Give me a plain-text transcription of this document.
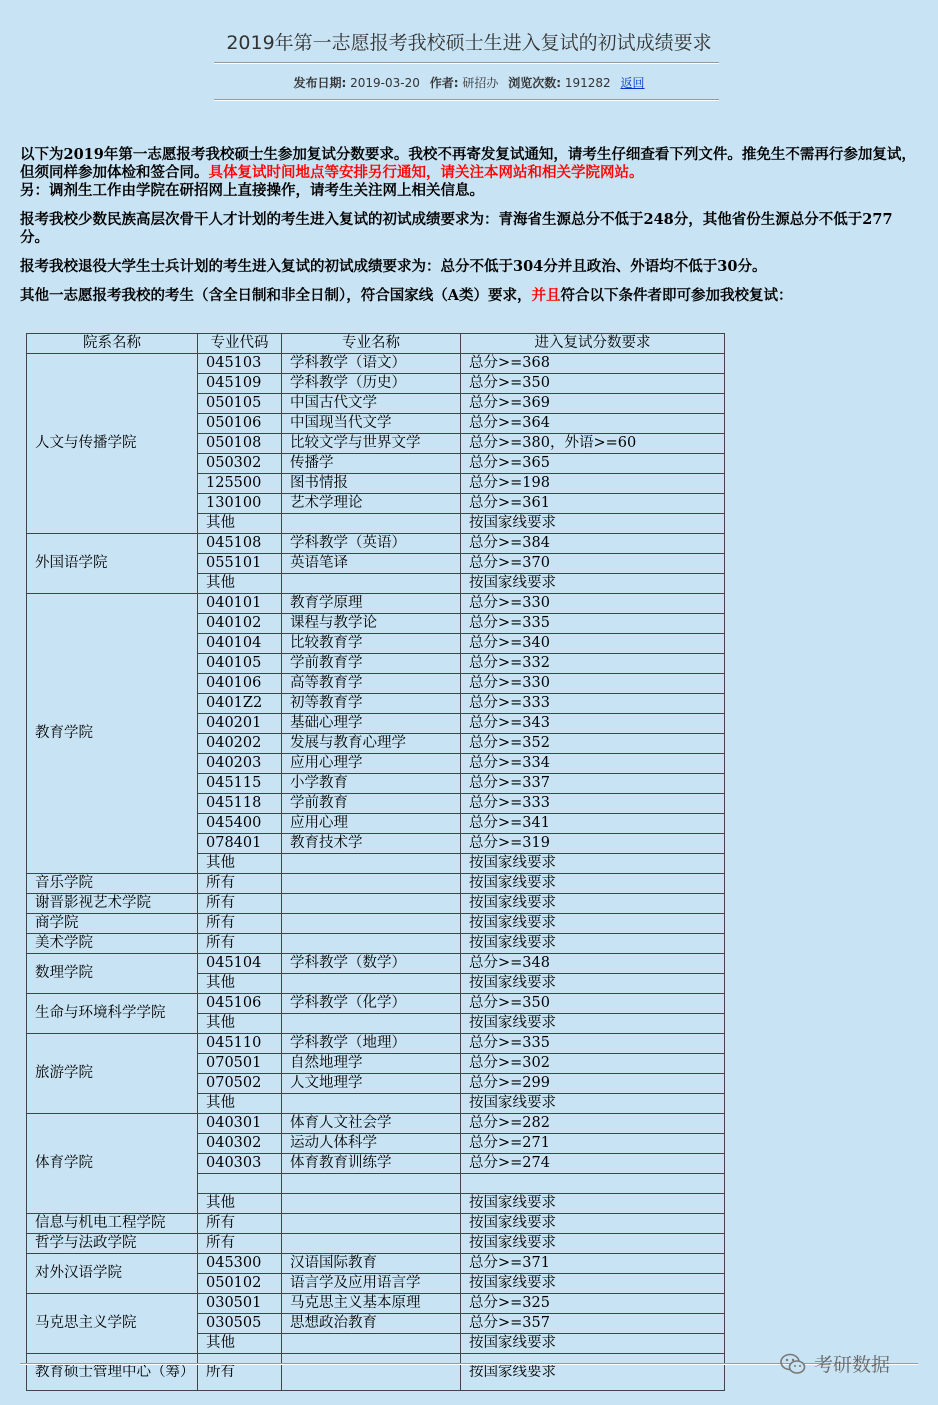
2019年第一志愿报考我校硕士生进入复试的初试成绩要求
发布日期: 2019-03-20 作者: 研招办 浏览次数: 191282 返回

以下为2019年第一志愿报考我校硕士生参加复试分数要求。我校不再寄发复试通知，请考生仔细查看下列文件。推免生不需再行参加复试，但须同样参加体检和签合同。具体复试时间地点等安排另行通知，请关注本网站和相关学院网站。
另：调剂生工作由学院在研招网上直接操作，请考生关注网上相关信息。

报考我校少数民族高层次骨干人才计划的考生进入复试的初试成绩要求为：青海省生源总分不低于248分，其他省份生源总分不低于277分。

报考我校退役大学生士兵计划的考生进入复试的初试成绩要求为：总分不低于304分并且政治、外语均不低于30分。

其他一志愿报考我校的考生（含全日制和非全日制），符合国家线（A类）要求，并且符合以下条件者即可参加我校复试：

院系名称	专业代码	专业名称	进入复试分数要求
人文与传播学院	045103	学科教学（语文）	总分>=368
	045109	学科教学（历史）	总分>=350
	050105	中国古代文学	总分>=369
	050106	中国现当代文学	总分>=364
	050108	比较文学与世界文学	总分>=380，外语>=60
	050302	传播学	总分>=365
	125500	图书情报	总分>=198
	130100	艺术学理论	总分>=361
	其他		按国家线要求
外国语学院	045108	学科教学（英语）	总分>=384
	055101	英语笔译	总分>=370
	其他		按国家线要求
教育学院	040101	教育学原理	总分>=330
	040102	课程与教学论	总分>=335
	040104	比较教育学	总分>=340
	040105	学前教育学	总分>=332
	040106	高等教育学	总分>=330
	0401Z2	初等教育学	总分>=333
	040201	基础心理学	总分>=343
	040202	发展与教育心理学	总分>=352
	040203	应用心理学	总分>=334
	045115	小学教育	总分>=337
	045118	学前教育	总分>=333
	045400	应用心理	总分>=341
	078401	教育技术学	总分>=319
	其他		按国家线要求
音乐学院	所有		按国家线要求
谢晋影视艺术学院	所有		按国家线要求
商学院	所有		按国家线要求
美术学院	所有		按国家线要求
数理学院	045104	学科教学（数学）	总分>=348
	其他		按国家线要求
生命与环境科学学院	045106	学科教学（化学）	总分>=350
	其他		按国家线要求
旅游学院	045110	学科教学（地理）	总分>=335
	070501	自然地理学	总分>=302
	070502	人文地理学	总分>=299
	其他		按国家线要求
体育学院	040301	体育人文社会学	总分>=282
	040302	运动人体科学	总分>=271
	040303	体育教育训练学	总分>=274

	其他		按国家线要求
信息与机电工程学院	所有		按国家线要求
哲学与法政学院	所有		按国家线要求
对外汉语学院	045300	汉语国际教育	总分>=371
	050102	语言学及应用语言学	按国家线要求
马克思主义学院	030501	马克思主义基本原理	总分>=325
	030505	思想政治教育	总分>=357
	其他		按国家线要求
教育硕士管理中心（筹）	所有		按国家线要求	考研数据
